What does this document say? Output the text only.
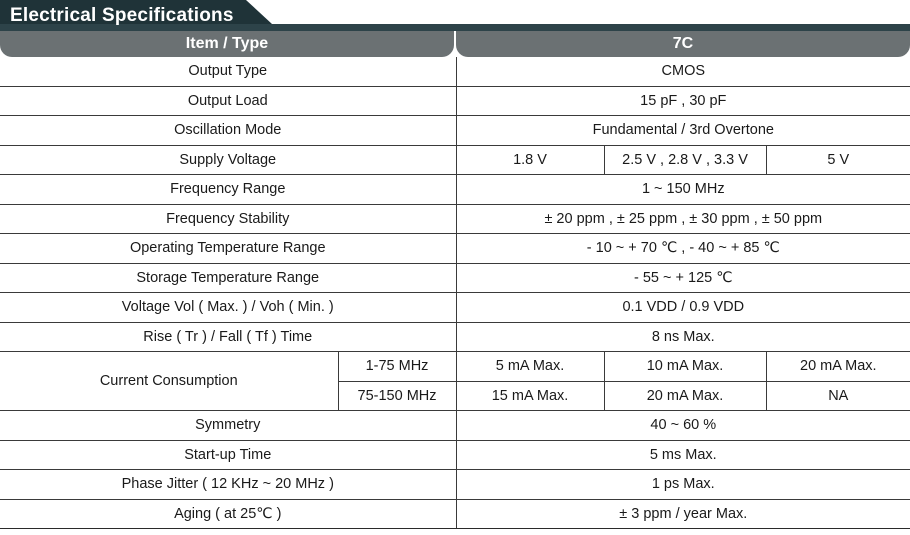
Electrical Specifications
Item / Type	7C
Output Type		CMOS		
Output Load		15 pF , 30 pF		
Oscillation Mode		Fundamental / 3rd Overtone		
Supply Voltage		1.8 V	2.5 V , 2.8 V , 3.3 V	5 V
Frequency Range		1 ~ 150 MHz		
Frequency Stability		± 20 ppm , ± 25 ppm , ± 30 ppm , ± 50 ppm		
Operating Temperature Range		- 10 ~ + 70 ℃ , - 40 ~ + 85 ℃		
Storage Temperature Range		- 55 ~ + 125 ℃		
Voltage Vol ( Max. ) / Voh ( Min. )		0.1 VDD / 0.9 VDD		
Rise ( Tr ) / Fall ( Tf ) Time		8 ns Max.		
Current Consumption	1-75 MHz	5 mA Max.	10 mA Max.	20 mA Max.
	75-150 MHz	15 mA Max.	20 mA Max.	NA
Symmetry		40 ~ 60 %		
Start-up Time		5 ms Max.		
Phase Jitter ( 12 KHz ~ 20 MHz )		1 ps Max.		
Aging ( at 25℃ )		± 3 ppm / year Max.		
